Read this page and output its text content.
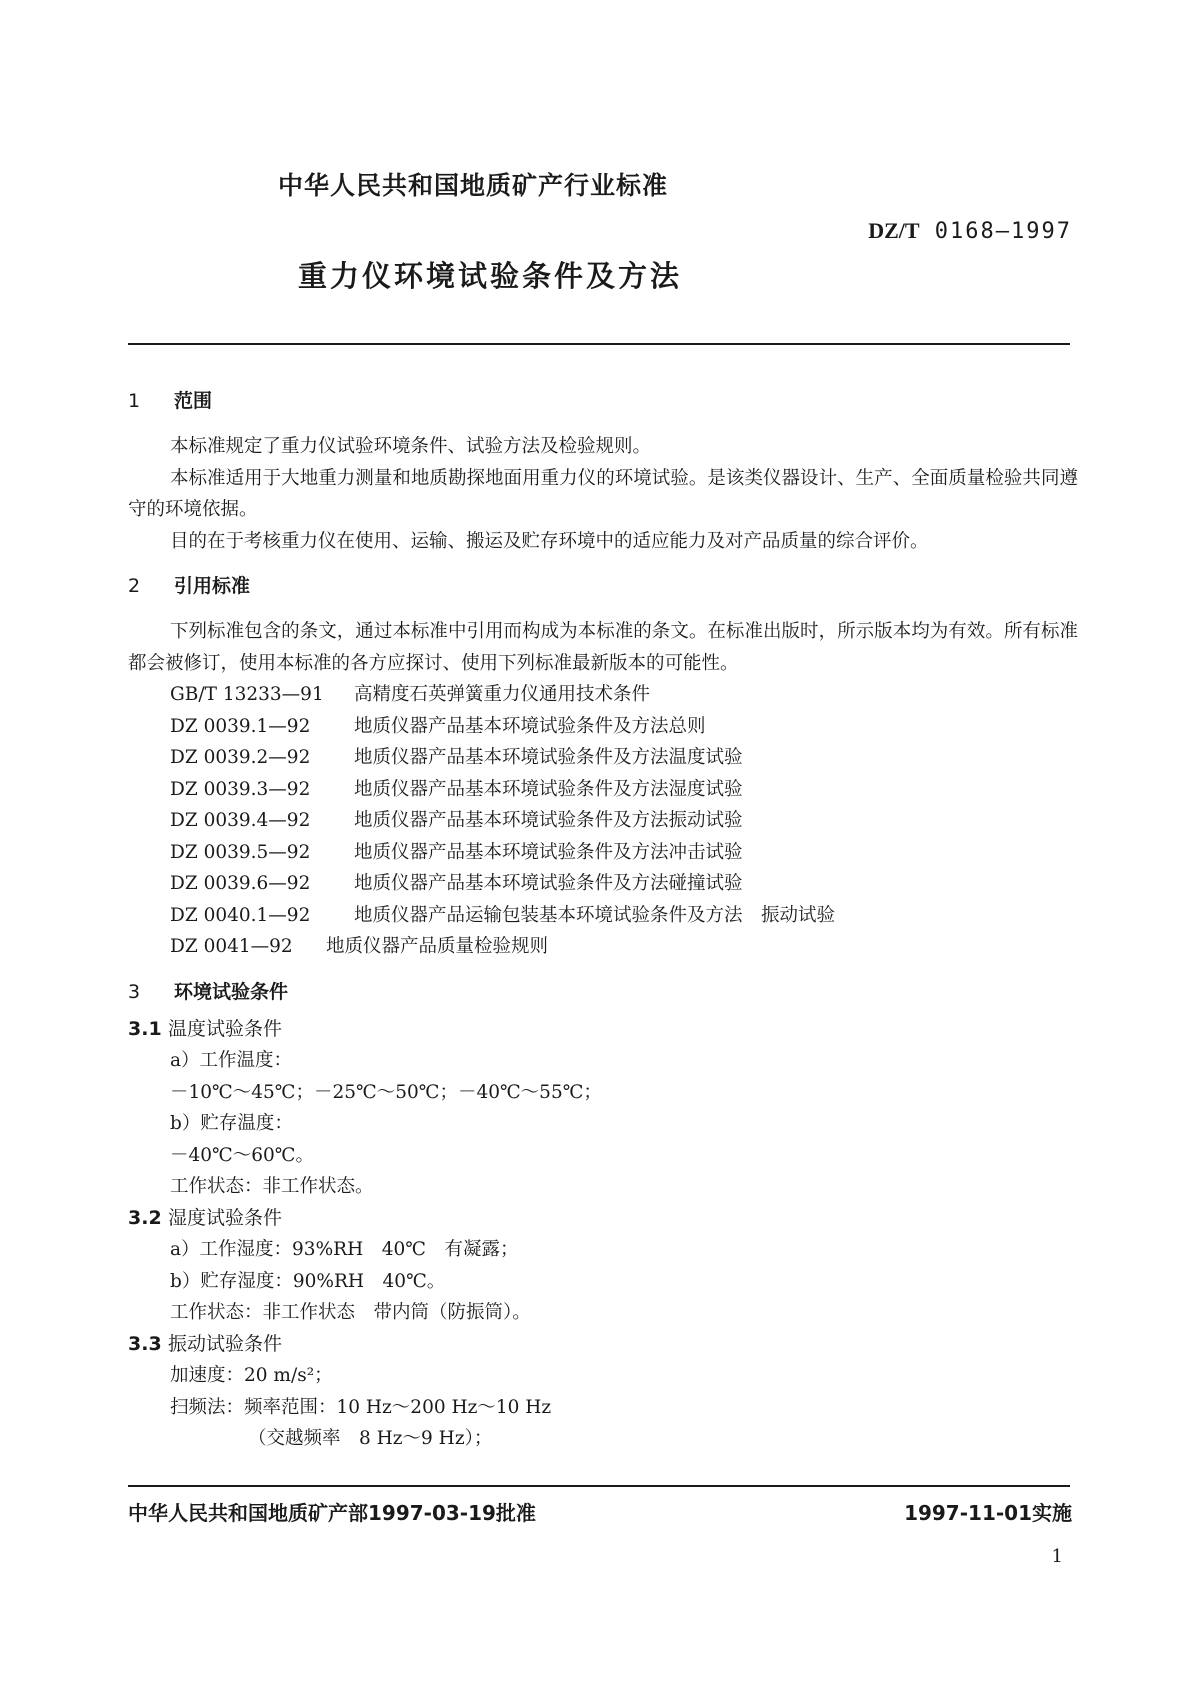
中华人民共和国地质矿产行业标准
DZ/T 0168—1997
重力仪环境试验条件及方法
1 范围
本标准规定了重力仪试验环境条件、试验方法及检验规则。
本标准适用于大地重力测量和地质勘探地面用重力仪的环境试验。是该类仪器设计、生产、全面质量检验共同遵守的环境依据。
目的在于考核重力仪在使用、运输、搬运及贮存环境中的适应能力及对产品质量的综合评价。
2 引用标准
下列标准包含的条文，通过本标准中引用而构成为本标准的条文。在标准出版时，所示版本均为有效。所有标准都会被修订，使用本标准的各方应探讨、使用下列标准最新版本的可能性。
GB/T 13233—91 高精度石英弹簧重力仪通用技术条件
DZ 0039.1—92 地质仪器产品基本环境试验条件及方法总则
DZ 0039.2—92 地质仪器产品基本环境试验条件及方法温度试验
DZ 0039.3—92 地质仪器产品基本环境试验条件及方法湿度试验
DZ 0039.4—92 地质仪器产品基本环境试验条件及方法振动试验
DZ 0039.5—92 地质仪器产品基本环境试验条件及方法冲击试验
DZ 0039.6—92 地质仪器产品基本环境试验条件及方法碰撞试验
DZ 0040.1—92 地质仪器产品运输包装基本环境试验条件及方法　振动试验
DZ 0041—92 地质仪器产品质量检验规则
3 环境试验条件
3.1 温度试验条件
a）工作温度：
－10℃～45℃；－25℃～50℃；－40℃～55℃；
b）贮存温度：
－40℃～60℃。
工作状态：非工作状态。
3.2 湿度试验条件
a）工作湿度：93%RH　40℃　有凝露；
b）贮存湿度：90%RH　40℃。
工作状态：非工作状态　带内筒（防振筒）。
3.3 振动试验条件
加速度：20 m/s²；
扫频法：频率范围：10 Hz～200 Hz～10 Hz
（交越频率　8 Hz～9 Hz）；
中华人民共和国地质矿产部1997-03-19批准	1997-11-01实施
1
